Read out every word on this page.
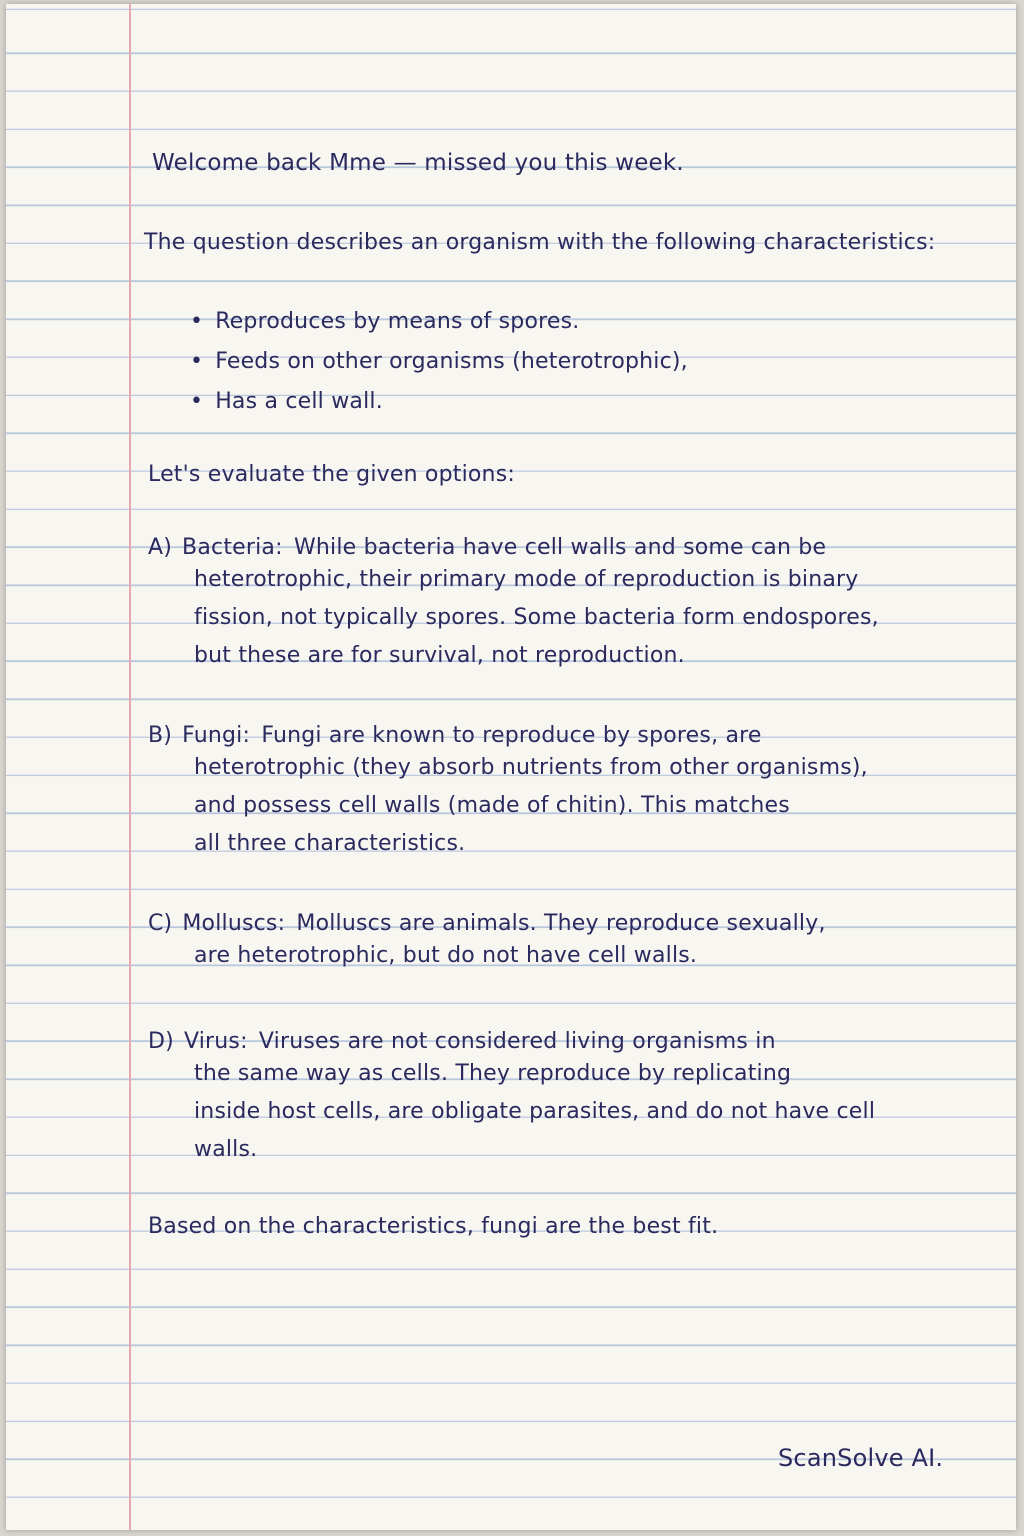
Welcome back Mme — missed you this week.
The question describes an organism with the following characteristics:
• Reproduces by means of spores.
• Feeds on other organisms (heterotrophic),
• Has a cell wall.
Let's evaluate the given options:
A) Bacteria: While bacteria have cell walls and some can be
heterotrophic, their primary mode of reproduction is binary
fission, not typically spores. Some bacteria form endospores,
but these are for survival, not reproduction.
B) Fungi: Fungi are known to reproduce by spores, are
heterotrophic (they absorb nutrients from other organisms),
and possess cell walls (made of chitin). This matches
all three characteristics.
C) Molluscs: Molluscs are animals. They reproduce sexually,
are heterotrophic, but do not have cell walls.
D) Virus: Viruses are not considered living organisms in
the same way as cells. They reproduce by replicating
inside host cells, are obligate parasites, and do not have cell
walls.
Based on the characteristics, fungi are the best fit.
ScanSolve AI.
